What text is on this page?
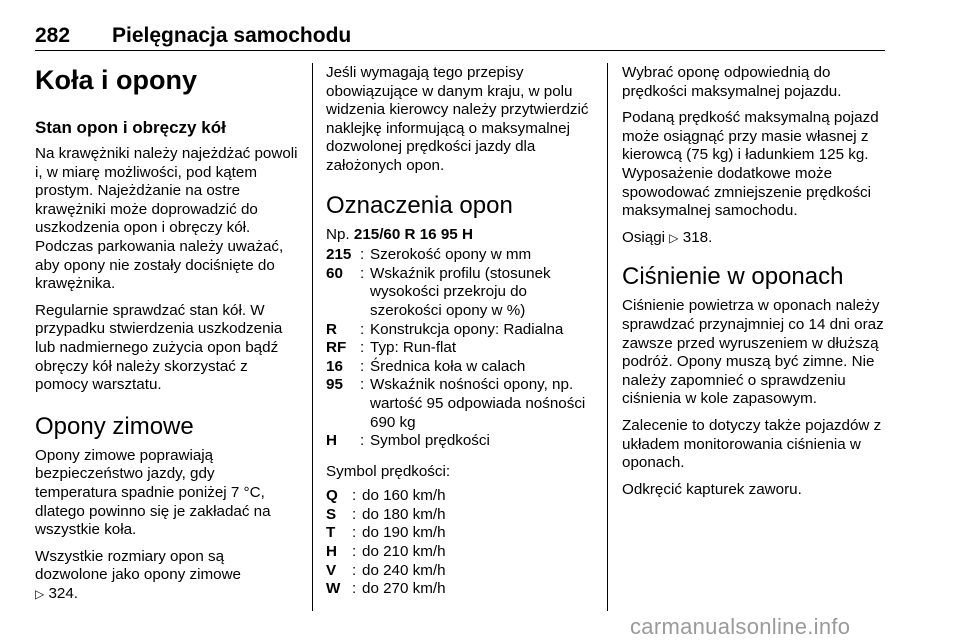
282 Pielęgnacja samochodu
Koła i opony
Stan opon i obręczy kół

Na krawężniki należy najeżdżać powoli i, w miarę możliwości, pod kątem prostym. Najeżdżanie na ostre krawężniki może doprowadzić do uszkodzenia opon i obręczy kół. Podczas parkowania należy uważać, aby opony nie zostały dociśnięte do krawężnika.

Regularnie sprawdzać stan kół. W przypadku stwierdzenia uszkodzenia lub nadmiernego zużycia opon bądź obręczy kół należy skorzystać z pomocy warsztatu.

Opony zimowe

Opony zimowe poprawiają bezpieczeństwo jazdy, gdy temperatura spadnie poniżej 7 °C, dlatego powinno się je zakładać na wszystkie koła.

Wszystkie rozmiary opon są dozwolone jako opony zimowe
▷ 324.

Jeśli wymagają tego przepisy obowiązujące w danym kraju, w polu widzenia kierowcy należy przytwierdzić naklejkę informującą o maksymalnej dozwolonej prędkości jazdy dla założonych opon.

Oznaczenia opon

Np. 215/60 R 16 95 H

215 : Szerokość opony w mm
60	: Wskaźnik profilu (stosunek wysokości przekroju do szerokości opony w %)
R	: Konstrukcja opony: Radialna
RF : Typ: Run-flat
16	: Średnica koła w calach
95	: Wskaźnik nośności opony, np. wartość 95 odpowiada nośności 690 kg
H	: Symbol prędkości

Symbol prędkości:

Q : do 160 km/h
S	: do 180 km/h
T	: do 190 km/h
H : do 210 km/h
V	: do 240 km/h
W : do 270 km/h

Wybrać oponę odpowiednią do prędkości maksymalnej pojazdu.

Podaną prędkość maksymalną pojazd może osiągnąć przy masie własnej z kierowcą (75 kg) i ładunkiem 125 kg. Wyposażenie dodatkowe może spowodować zmniejszenie prędkości maksymalnej samochodu.

Osiągi ▷ 318.

Ciśnienie w oponach

Ciśnienie powietrza w oponach należy sprawdzać przynajmniej co 14 dni oraz zawsze przed wyruszeniem w dłuższą podróż. Opony muszą być zimne. Nie należy zapomnieć o sprawdzeniu ciśnienia w kole zapasowym.

Zalecenie to dotyczy także pojazdów z układem monitorowania ciśnienia w oponach.

Odkręcić kapturek zaworu.

carmanualsonline.info
